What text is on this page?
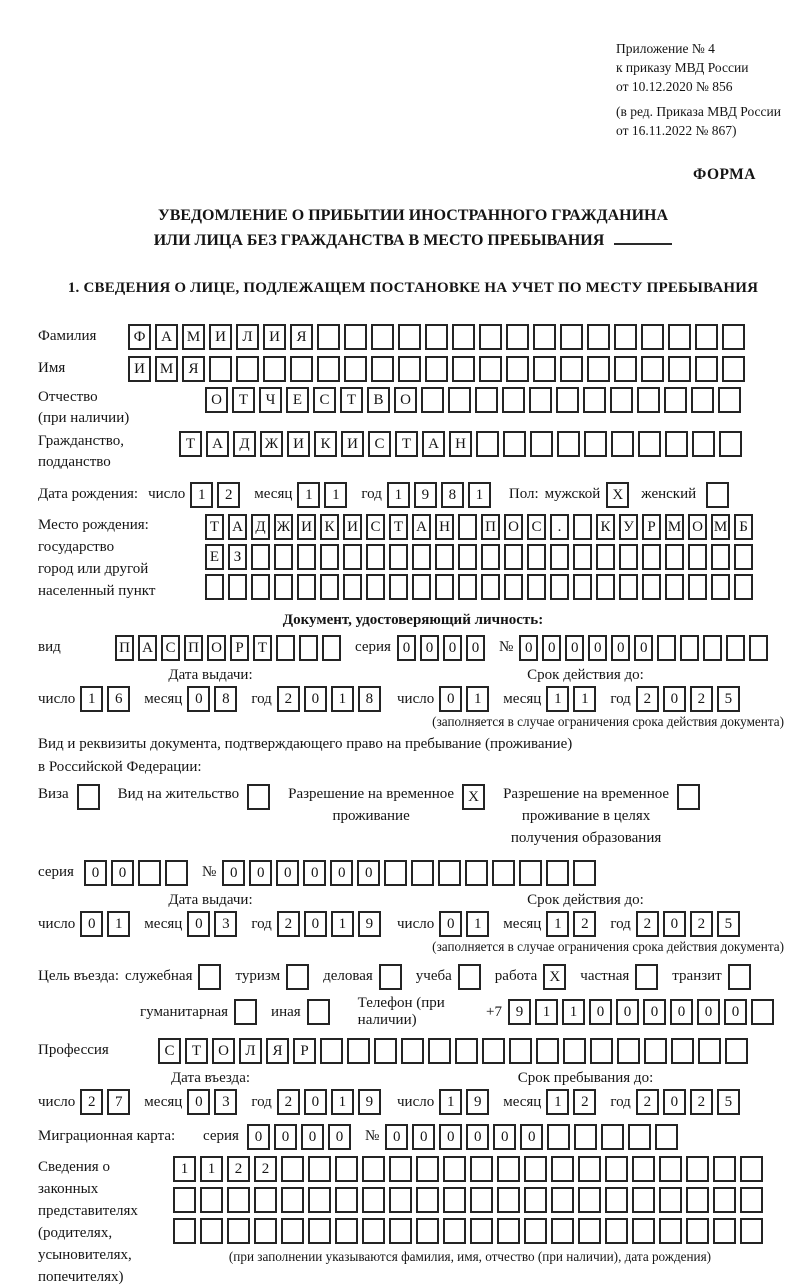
Приложение № 4
к приказу МВД России
от 10.12.2020 № 856
(в ред. Приказа МВД России
от 16.11.2022 № 867)
ФОРМА
УВЕДОМЛЕНИЕ О ПРИБЫТИИ ИНОСТРАННОГО ГРАЖДАНИНА
ИЛИ ЛИЦА БЕЗ ГРАЖДАНСТВА В МЕСТО ПРЕБЫВАНИЯ
1. СВЕДЕНИЯ О ЛИЦЕ, ПОДЛЕЖАЩЕМ ПОСТАНОВКЕ НА УЧЕТ ПО МЕСТУ ПРЕБЫВАНИЯ
Фамилия	Ф	А М И	Л	И	Я
Имя	И М	Я
Отчество
(при наличии)
О	Т	Ч	Е	С	Т	В	О
Гражданство,
подданство
Т	А	Д	Ж И	К	И	С	Т	А	Н
Дата рождения: число 1	2	месяц 1	1	год 1	9	8	1	Пол: мужской X	женский
Место рождения:
государство
город или другой
населенный пункт
Т А Д Ж И К И С Т А Н П О С	.	К У Р М О М Б
Е З
Документ, удостоверяющий личность:
вид	П А С П О Р Т	серия 0	0	0	0	№ 0	0	0	0	0	0
Дата выдачи:	Срок действия до:
число 1	6	месяц 0	8	год 2	0	1	8	число 0	1	месяц 1	1	год 2	0	2	5
(заполняется в случае ограничения срока действия документа)
Вид и реквизиты документа, подтверждающего право на пребывание (проживание)
в Российской Федерации:
Виза	Вид на жительство	Разрешение на временное
проживание
X	Разрешение на временное
проживание в целях
получения образования
серия	0	0	№ 0	0	0	0	0	0
Дата выдачи:	Срок действия до:
число 0	1	месяц 0	3	год 2	0	1	9	число 0	1	месяц 1	2	год 2	0	2	5
(заполняется в случае ограничения срока действия документа)
Цель въезда: служебная	туризм	деловая	учеба	работа X	частная	транзит
гуманитарная	иная
Телефон (при наличии)
+7 9	1	1	0	0	0	0	0	0
Профессия	С	Т	О	Л	Я	Р
Дата въезда:	Срок пребывания до:
число 2	7	месяц 0	3	год 2	0	1	9	число 1	9	месяц 1	2	год 2	0	2	5
Миграционная карта:	серия	0	0	0	0	№ 0	0	0	0	0	0
Сведения о
законных
представителях
(родителях,
усыновителях,
попечителях)
1	1	2	2
(при заполнении указываются фамилия, имя, отчество (при наличии), дата рождения)
